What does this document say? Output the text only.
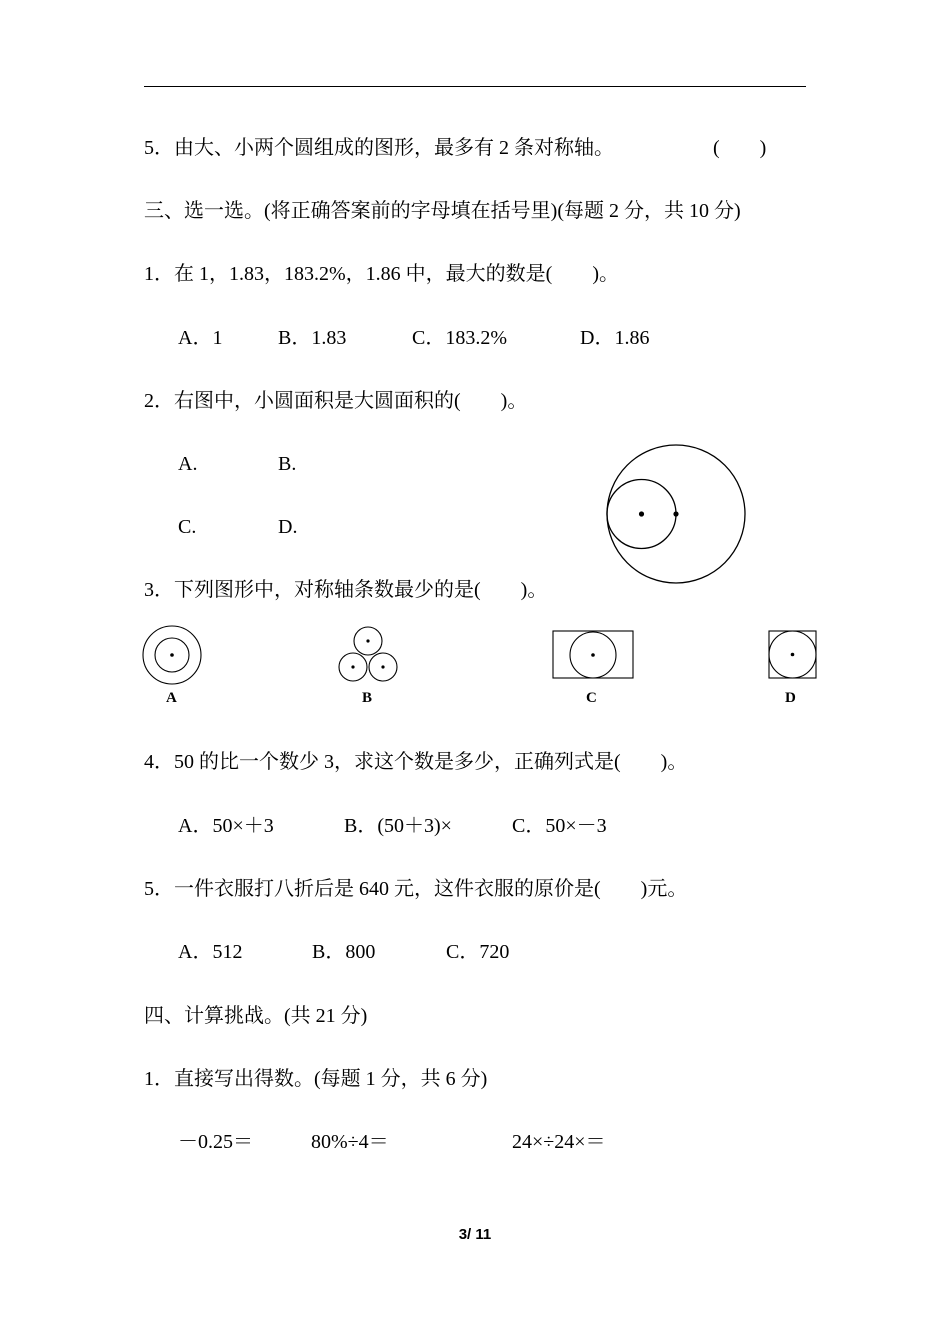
5．由大、小两个圆组成的图形，最多有 2 条对称轴。	(　　)
三、选一选。(将正确答案前的字母填在括号里)(每题 2 分，共 10 分)
1．在 1，1.83，183.2%，1.86 中，最大的数是(　　)。
A．1	B．1.83	C．183.2%	D．1.86
2．右图中，小圆面积是大圆面积的(　　)。
A.	B.
C.	D.
3．下列图形中，对称轴条数最少的是(　　)。
A	B	C	D
4．50 的比一个数少 3，求这个数是多少，正确列式是(　　)。
A．50×＋3	B．(50＋3)×	C．50×－3
5．一件衣服打八折后是 640 元，这件衣服的原价是(　　)元。
A．512	B．800	C．720
四、计算挑战。(共 21 分)
1．直接写出得数。(每题 1 分，共 6 分)
－0.25＝	80%÷4＝	24×÷24×＝
3/ 11
